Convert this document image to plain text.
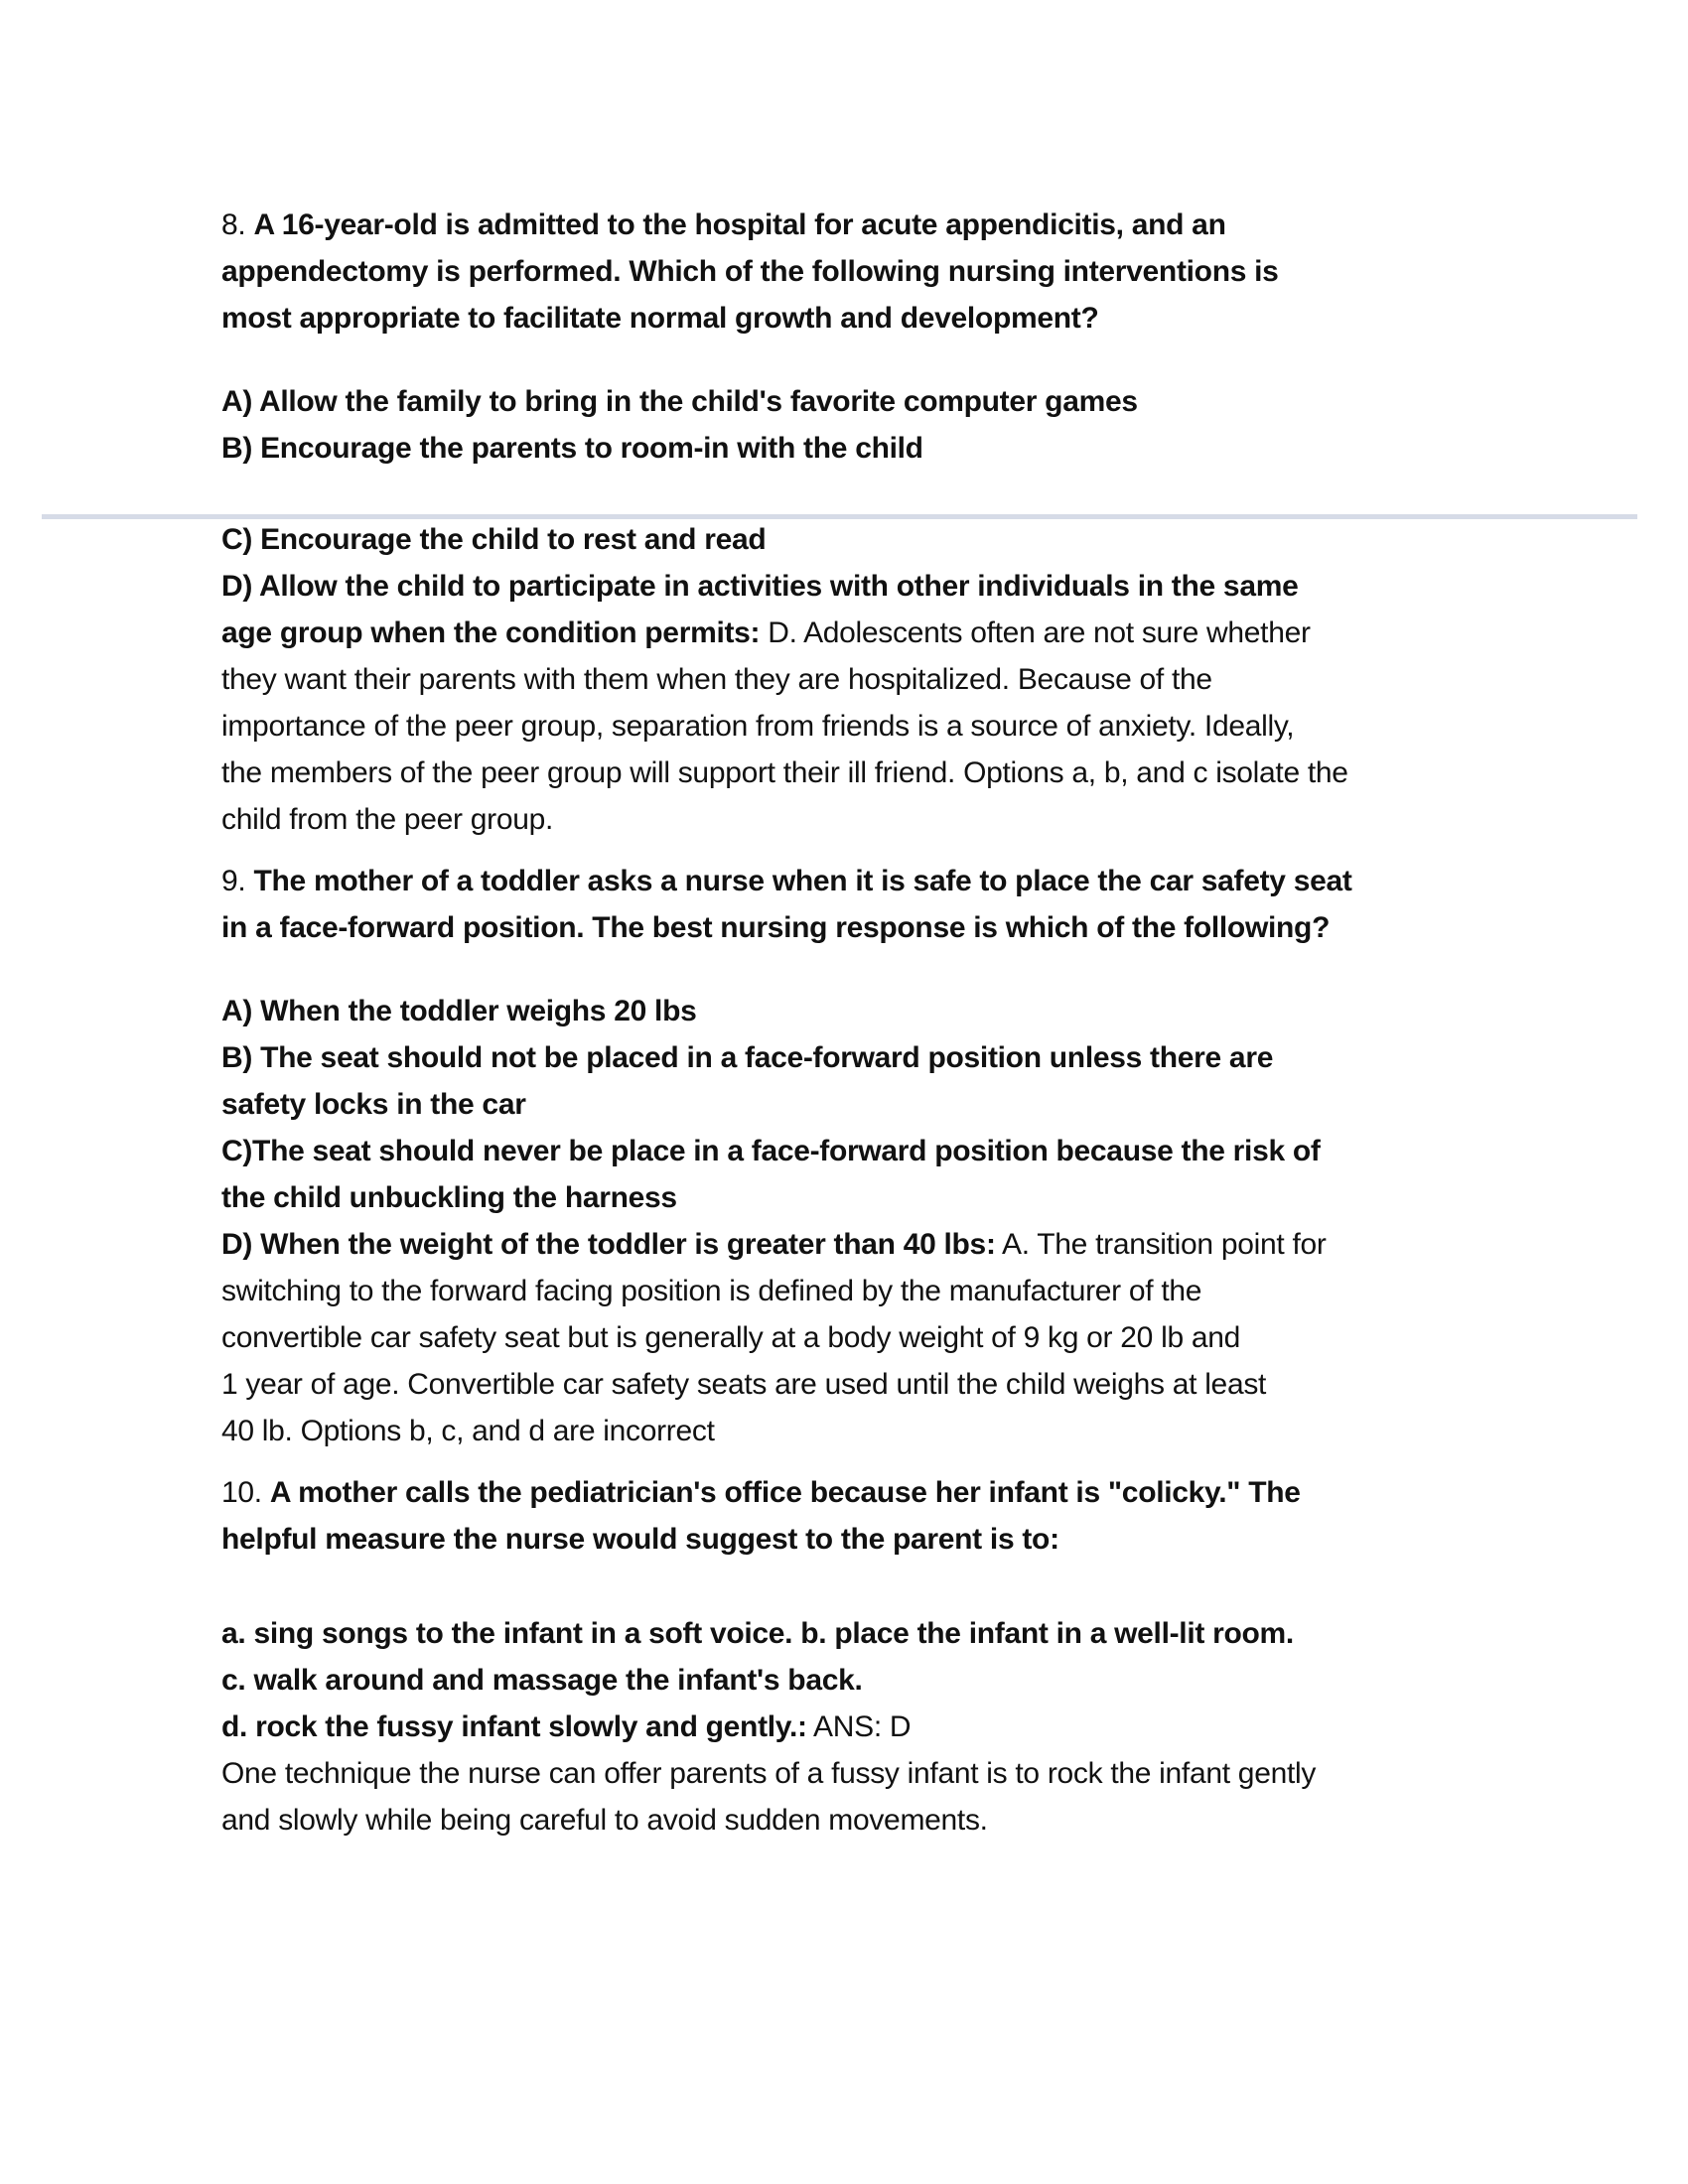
8. A 16-year-old is admitted to the hospital for acute appendicitis, and an
appendectomy is performed. Which of the following nursing interventions is
most appropriate to facilitate normal growth and development?
A) Allow the family to bring in the child's favorite computer games
B) Encourage the parents to room-in with the child
C) Encourage the child to rest and read
D) Allow the child to participate in activities with other individuals in the same
age group when the condition permits: D. Adolescents often are not sure whether
they want their parents with them when they are hospitalized. Because of the
importance of the peer group, separation from friends is a source of anxiety. Ideally,
the members of the peer group will support their ill friend. Options a, b, and c isolate the
child from the peer group.
9. The mother of a toddler asks a nurse when it is safe to place the car safety seat
in a face-forward position. The best nursing response is which of the following?
A) When the toddler weighs 20 lbs
B) The seat should not be placed in a face-forward position unless there are
safety locks in the car
C)The seat should never be place in a face-forward position because the risk of
the child unbuckling the harness
D) When the weight of the toddler is greater than 40 lbs: A. The transition point for
switching to the forward facing position is defined by the manufacturer of the
convertible car safety seat but is generally at a body weight of 9 kg or 20 lb and
1 year of age. Convertible car safety seats are used until the child weighs at least
40 lb. Options b, c, and d are incorrect
10. A mother calls the pediatrician's office because her infant is "colicky." The
helpful measure the nurse would suggest to the parent is to:
a. sing songs to the infant in a soft voice. b. place the infant in a well-lit room.
c. walk around and massage the infant's back.
d. rock the fussy infant slowly and gently.: ANS: D
One technique the nurse can offer parents of a fussy infant is to rock the infant gently
and slowly while being careful to avoid sudden movements.
